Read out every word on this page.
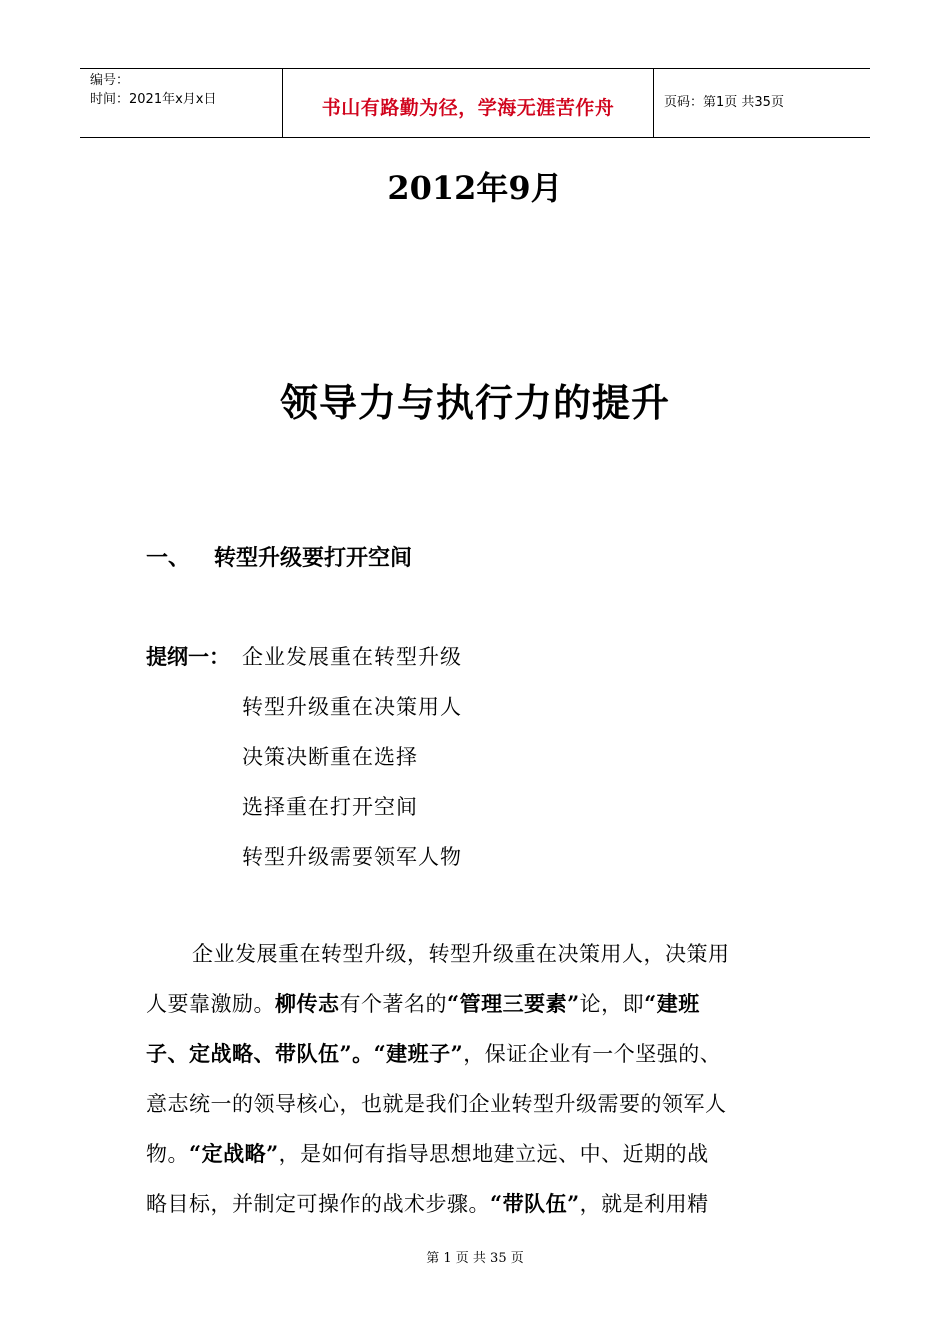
编号：
时间：2021年x月x日	书山有路勤为径，学海无涯苦作舟	页码：第1页 共35页
2012年9月
领导力与执行力的提升
一、 转型升级要打开空间
提纲一： 企业发展重在转型升级
转型升级重在决策用人
决策决断重在选择
选择重在打开空间
转型升级需要领军人物
企业发展重在转型升级，转型升级重在决策用人，决策用
人要靠激励。柳传志有个著名的“管理三要素”论，即“建班
子、定战略、带队伍”。“建班子”，保证企业有一个坚强的、
意志统一的领导核心，也就是我们企业转型升级需要的领军人
物。“定战略”，是如何有指导思想地建立远、中、近期的战
略目标，并制定可操作的战术步骤。“带队伍”，就是利用精
第 1 页 共 35 页
